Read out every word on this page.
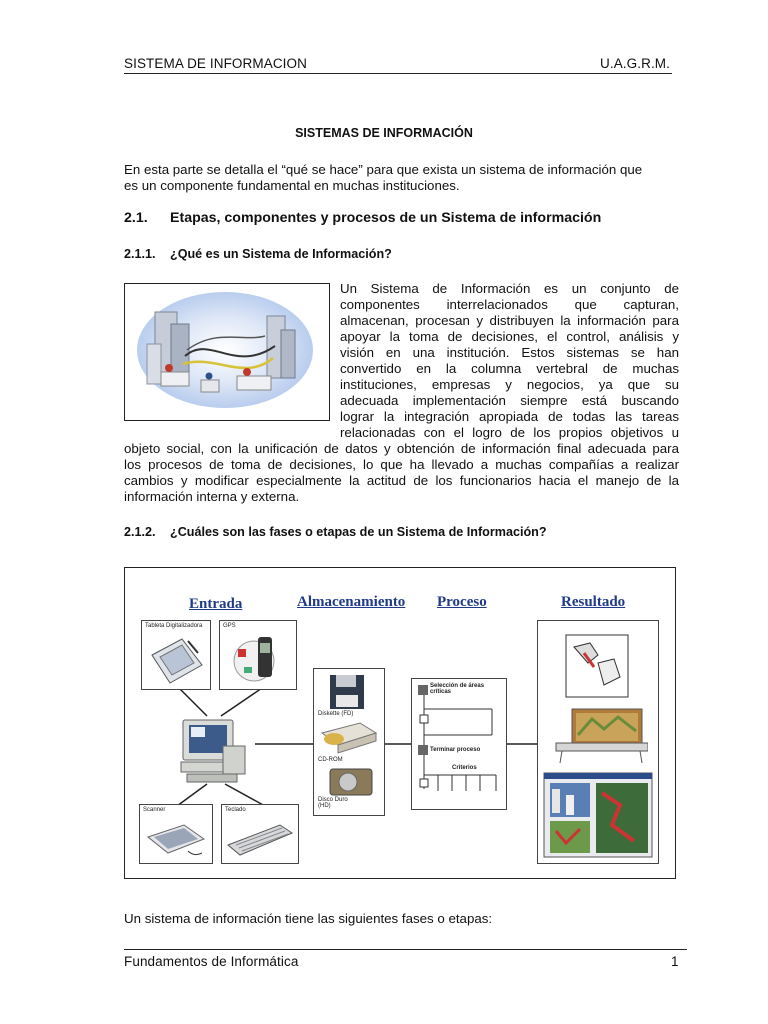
SISTEMA DE INFORMACION	U.A.G.R.M.
SISTEMAS DE INFORMACIÓN
En esta parte se detalla el “qué se hace” para que exista un sistema de información que
es un componente fundamental en muchas instituciones.
2.1. Etapas, componentes y procesos de un Sistema de información
2.1.1. ¿Qué es un Sistema de Información?
Un Sistema de Información es un conjunto de
componentes interrelacionados que capturan,
almacenan, procesan y distribuyen la información para
apoyar la toma de decisiones, el control, análisis y
visión en una institución. Estos sistemas se han
convertido en la columna vertebral de muchas
instituciones, empresas y negocios, ya que su
adecuada implementación siempre está buscando
lograr la integración apropiada de todas las tareas
relacionadas con el logro de los propios objetivos u
objeto social, con la unificación de datos y obtención de información final adecuada para
los procesos de toma de decisiones, lo que ha llevado a muchas compañías a realizar
cambios y modificar especialmente la actitud de los funcionarios hacia el manejo de la
información interna y externa.
2.1.2. ¿Cuáles son las fases o etapas de un Sistema de Información?
Entrada	Almacenamiento Proceso	Resultado
Tableta Digitalizadora	GPS
Scanner	Teclado
Diskette (FD)
CD-ROM
Disco Duro (HD)
Selección de áreas críticas
Terminar proceso
Criterios
Un sistema de información tiene las siguientes fases o etapas:
Fundamentos de Informática	1
